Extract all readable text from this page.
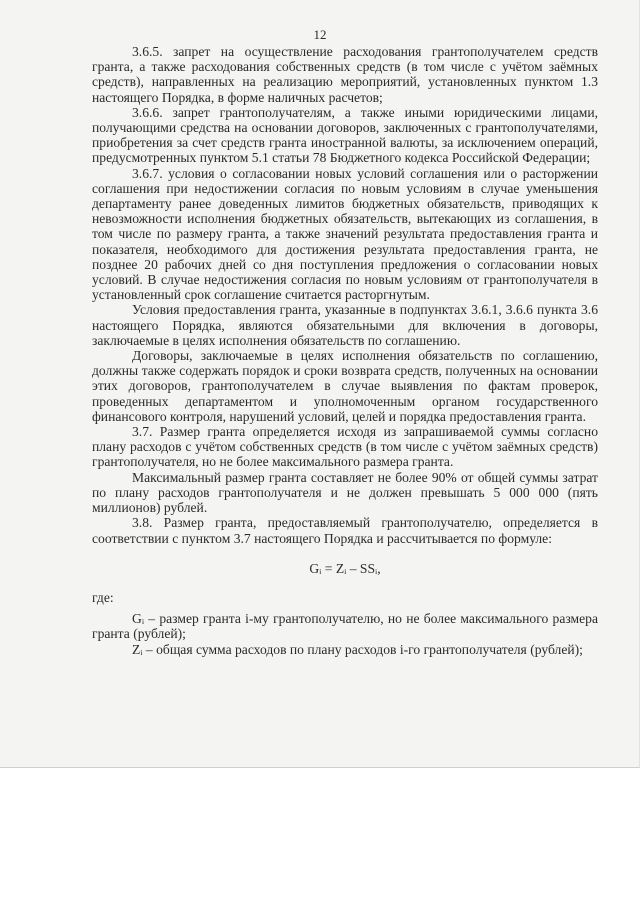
12

3.6.5. запрет на осуществление расходования грантополучателем средств гранта, а также расходования собственных средств (в том числе с учётом заёмных средств), направленных на реализацию мероприятий, установленных пунктом 1.3 настоящего Порядка, в форме наличных расчетов;

3.6.6. запрет грантополучателям, а также иными юридическими лицами, получающими средства на основании договоров, заключенных с грантополучателями, приобретения за счет средств гранта иностранной валюты, за исключением операций, предусмотренных пунктом 5.1 статьи 78 Бюджетного кодекса Российской Федерации;

3.6.7. условия о согласовании новых условий соглашения или о расторжении соглашения при недостижении согласия по новым условиям в случае уменьшения департаменту ранее доведенных лимитов бюджетных обязательств, приводящих к невозможности исполнения бюджетных обязательств, вытекающих из соглашения, в том числе по размеру гранта, а также значений результата предоставления гранта и показателя, необходимого для достижения результата предоставления гранта, не позднее 20 рабочих дней со дня поступления предложения о согласовании новых условий. В случае недостижения согласия по новым условиям от грантополучателя в установленный срок соглашение считается расторгнутым.

Условия предоставления гранта, указанные в подпунктах 3.6.1, 3.6.6 пункта 3.6 настоящего Порядка, являются обязательными для включения в договоры, заключаемые в целях исполнения обязательств по соглашению.

Договоры, заключаемые в целях исполнения обязательств по соглашению, должны также содержать порядок и сроки возврата средств, полученных на основании этих договоров, грантополучателем в случае выявления по фактам проверок, проведенных департаментом и уполномоченным органом государственного финансового контроля, нарушений условий, целей и порядка предоставления гранта.

3.7. Размер гранта определяется исходя из запрашиваемой суммы согласно плану расходов с учётом собственных средств (в том числе с учётом заёмных средств) грантополучателя, но не более максимального размера гранта.

Максимальный размер гранта составляет не более 90% от общей суммы затрат по плану расходов грантополучателя и не должен превышать 5 000 000 (пять миллионов) рублей.

3.8. Размер гранта, предоставляемый грантополучателю, определяется в соответствии с пунктом 3.7 настоящего Порядка и рассчитывается по формуле:

Gᵢ = Zᵢ – SSᵢ,

где:

Gᵢ – размер гранта i-му грантополучателю, но не более максимального размера гранта (рублей);

Zᵢ – общая сумма расходов по плану расходов i-го грантополучателя (рублей);
